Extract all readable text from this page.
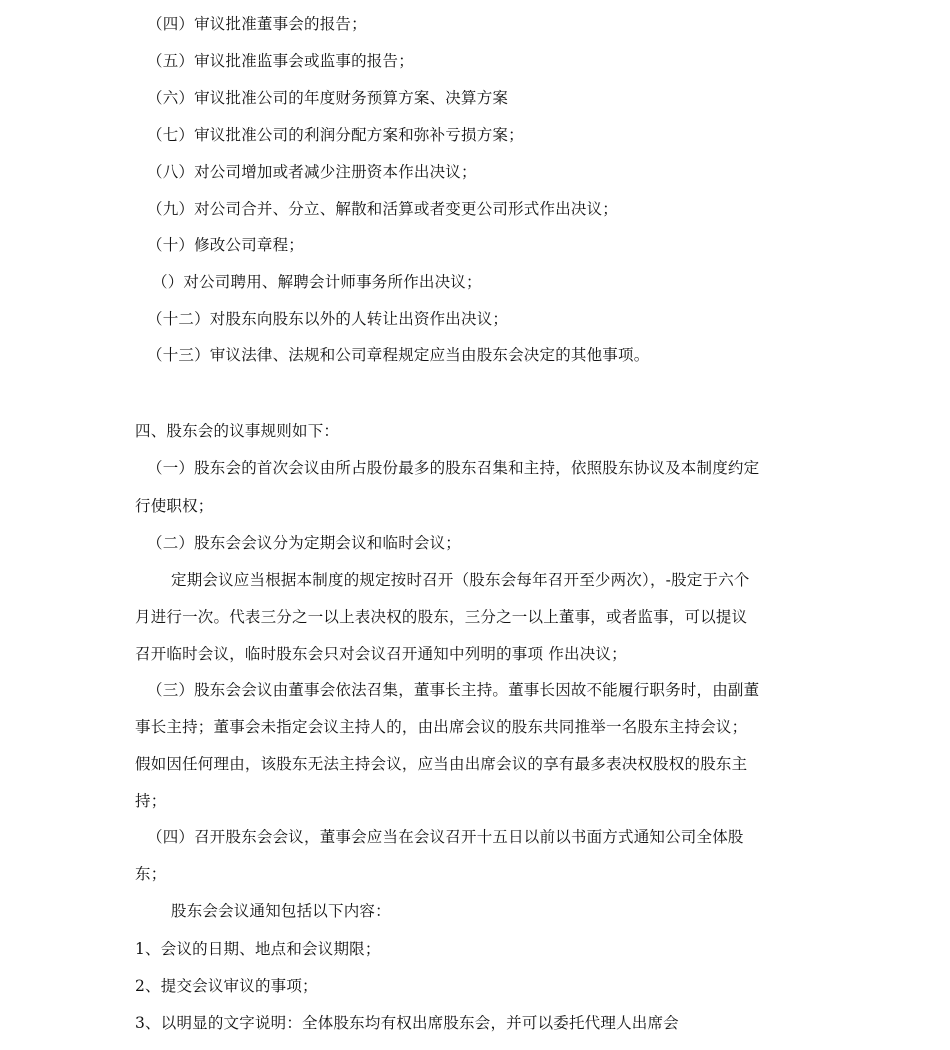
（四）审议批准董事会的报告；
（五）审议批准监事会或监事的报告；
（六）审议批准公司的年度财务预算方案、决算方案
（七）审议批准公司的利润分配方案和弥补亏损方案；
（八）对公司增加或者减少注册资本作出决议；
（九）对公司合并、分立、解散和活算或者变更公司形式作出决议；
（十）修改公司章程；
（）对公司聘用、解聘会计师事务所作出决议；
（十二）对股东向股东以外的人转让出资作出决议；
（十三）审议法律、法规和公司章程规定应当由股东会决定的其他事项。
四、股东会的议事规则如下：
（一）股东会的首次会议由所占股份最多的股东召集和主持，依照股东协议及本制度约定
行使职权；
（二）股东会会议分为定期会议和临时会议；
定期会议应当根据本制度的规定按时召开（股东会每年召开至少两次），-股定于六个
月进行一次。代表三分之一以上表决权的股东，三分之一以上董事，或者监事，可以提议
召开临时会议，临时股东会只对会议召开通知中列明的事项 作出决议；
（三）股东会会议由董事会依法召集，董事长主持。董事长因故不能履行职务时，由副董
事长主持；董事会未指定会议主持人的，由出席会议的股东共同推举一名股东主持会议；
假如因任何理由，该股东无法主持会议，应当由出席会议的享有最多表决权股权的股东主
持；
（四）召开股东会会议，董事会应当在会议召开十五日以前以书面方式通知公司全体股
东；
股东会会议通知包括以下内容：
1、会议的日期、地点和会议期限；
2、提交会议审议的事项；
3、以明显的文字说明：全体股东均有权出席股东会，并可以委托代理人出席会
